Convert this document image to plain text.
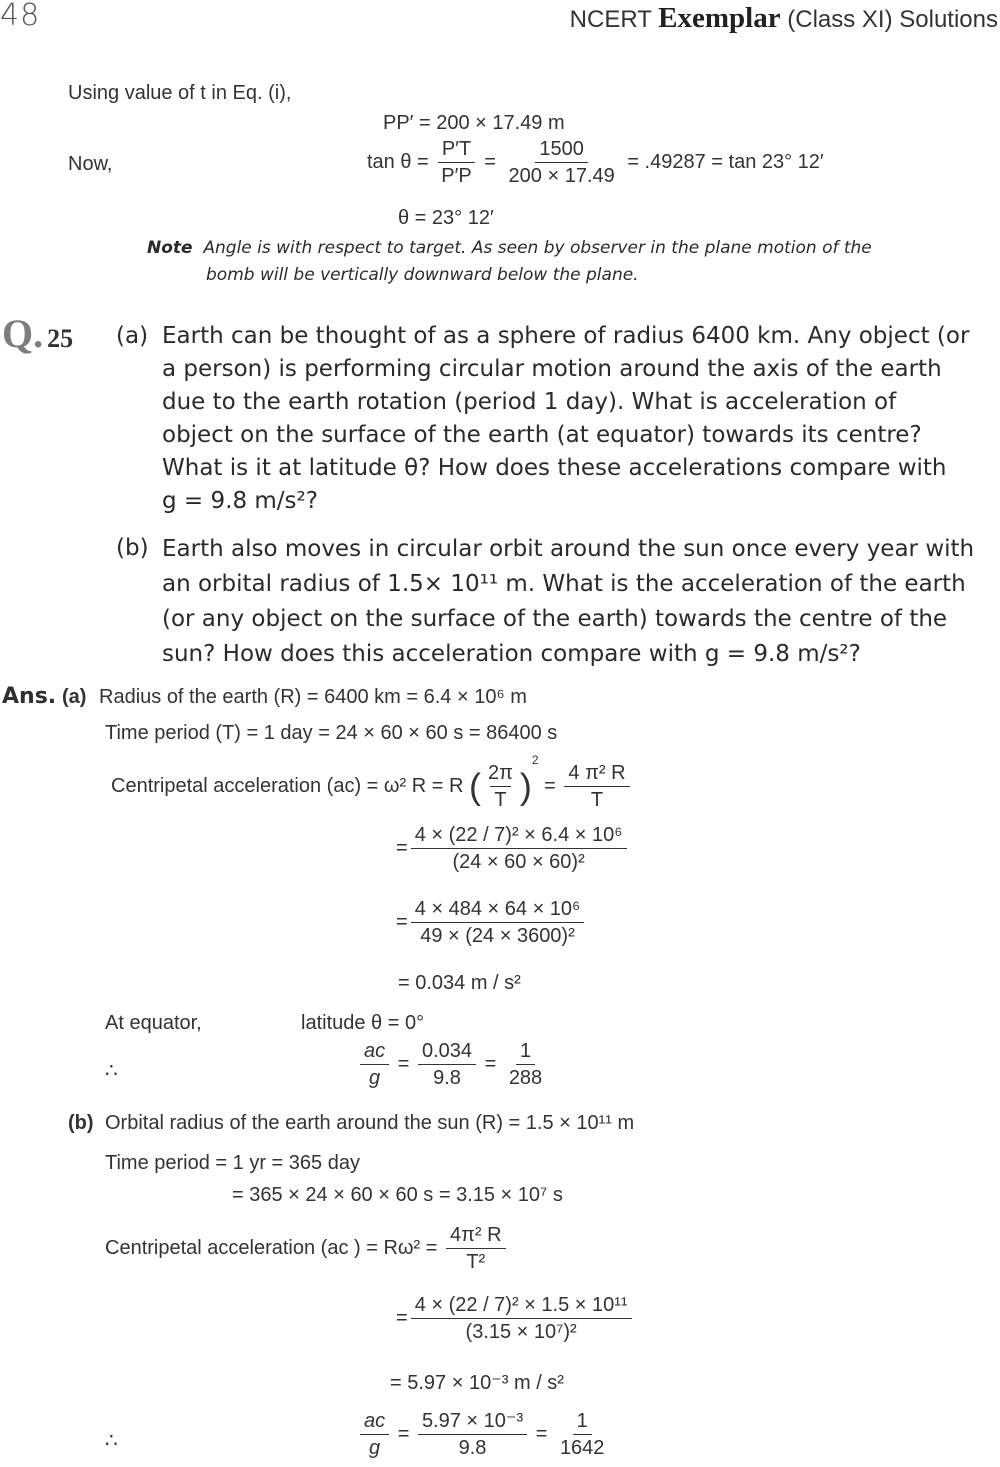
48	NCERT Exemplar (Class XI) Solutions
Using value of t in Eq. (i),
PP′ = 200 × 17.49 m
Now,	$\tan \theta = \frac{P'T}{P'P} = \frac{1500}{200 \times 17.49} = .49287 = \tan 23^\circ$ 12′
θ = 23° 12′
Note Angle is with respect to target. As seen by observer in the plane motion of the
bomb will be vertically downward below the plane.
Q. 25 (a) Earth can be thought of as a sphere of radius 6400 km. Any object (or
a person) is performing circular motion around the axis of the earth
due to the earth rotation (period 1 day). What is acceleration of
object on the surface of the earth (at equator) towards its centre?
What is it at latitude θ? How does these accelerations compare with
g = 9.8 m/s²?
(b) Earth also moves in circular orbit around the sun once every year with
an orbital radius of 1.5× 10¹¹ m. What is the acceleration of the earth
(or any object on the surface of the earth) towards the centre of the
sun? How does this acceleration compare with g = 9.8 m/s²?
Ans. (a) Radius of the earth (R) = 6400 km = 6.4 × 10⁶ m
Time period (T) = 1 day = 24 × 60 × 60 s = 86400 s
Centripetal acceleration (ac) = ω² R = R ( $\frac{2\pi}{T} )^2 = \frac{\text{4 π² R}}{T}$
= $\frac{\text{4 × (22 / 7)² × 6.4 × 10⁶}}{\text{(24 × 60 × 60)²}}$
= $\frac{\text{4 × 484 × 64 × 10⁶}}{\text{49 × (24 × 3600)²}}$
= 0.034 m / s²
At equator,	latitude θ = 0°
∴	$\frac{ac}{g} = \frac{0.034}{9.8} = \frac{1}{288}$
(b) Orbital radius of the earth around the sun (R) = 1.5 × 10¹¹ m
Time period = 1 yr = 365 day
= 365 × 24 × 60 × 60 s = 3.15 × 10⁷ s
Centripetal acceleration (ac ) = $R\omega^2 = \frac{\text{4π² R}}{\text{T²}}$
= $\frac{\text{4 × (22 / 7)² × 1.5 × 10¹¹}}{\text{(3.15 × 10⁷)²}}$
= 5.97 × 10⁻³ m / s²
∴	$\frac{ac}{g} = \frac{\text{5.97 × 10⁻³}}{9.8} = \frac{1}{1642}$
